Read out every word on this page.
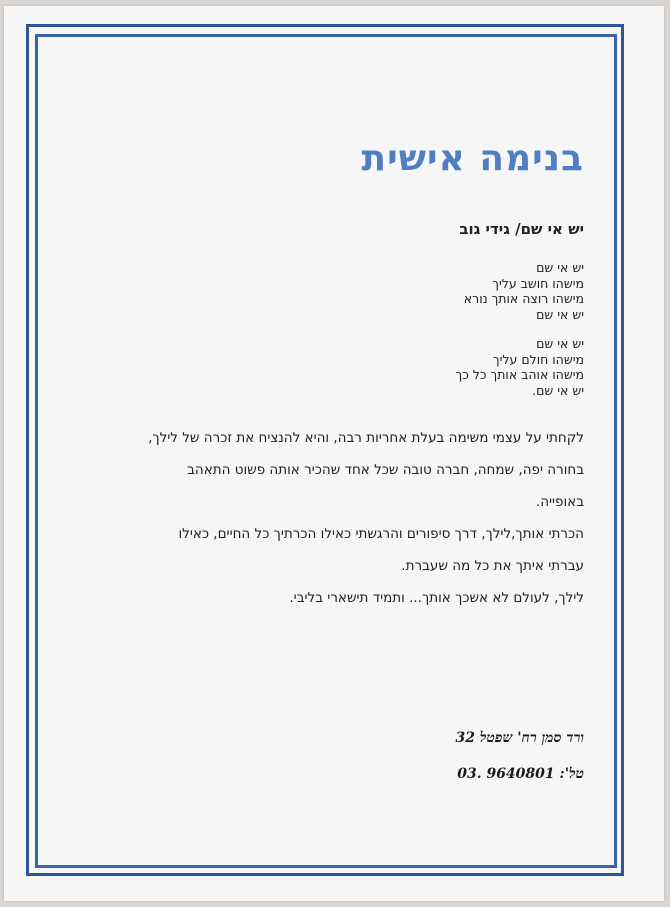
בנימה אישית
יש אי שם/ גידי גוב
יש אי שם
מישהו חושב עליך
מישהו רוצה אותך נורא
יש אי שם
יש אי שם
מישהו חולם עליך
מישהו אוהב אותך כל כך
יש אי שם.

לקחתי על עצמי משימה בעלת אחריות רבה, והיא להנציח את זכרה של לילך,

בחורה יפה, שמחה, חברה טובה שכל אחד שהכיר אותה פשוט התאהב

באופייה.

הכרתי אותך,לילך, דרך סיפורים והרגשתי כאילו הכרתיך כל החיים, כאילו

עברתי איתך את כל מה שעברת.

לילך, לעולם לא אשכך אותך... ותמיד תישארי בליבי.

ורד סמן רח' שפטל 32
טל': 9640801 .03
